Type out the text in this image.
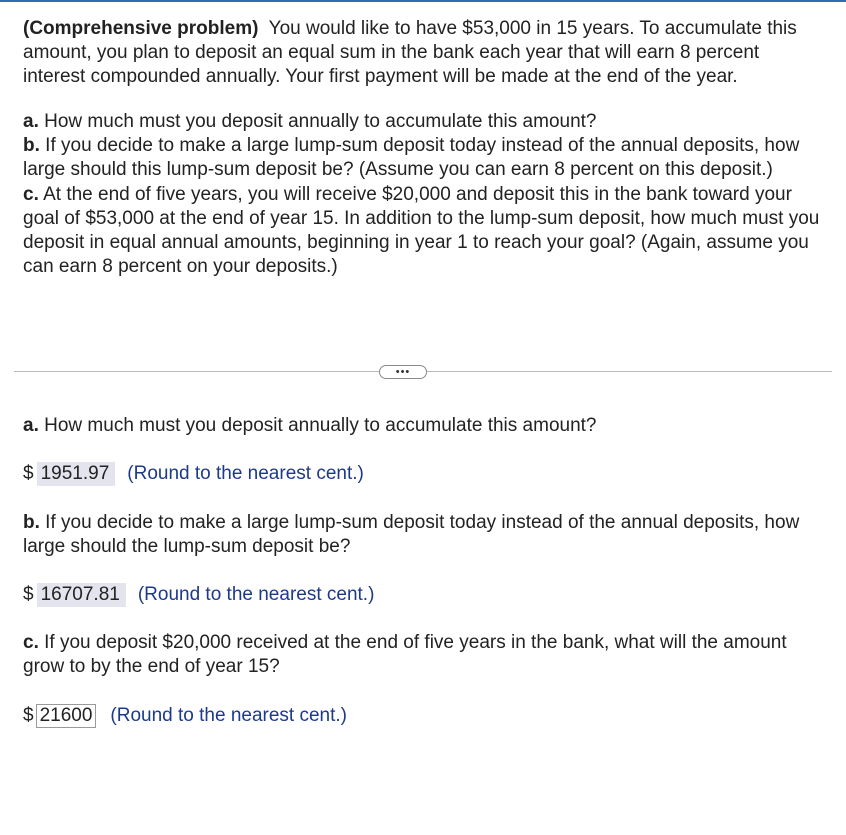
(Comprehensive problem) You would like to have $53,000 in 15 years. To accumulate this amount, you plan to deposit an equal sum in the bank each year that will earn 8 percent interest compounded annually. Your first payment will be made at the end of the year.

a. How much must you deposit annually to accumulate this amount?

b. If you decide to make a large lump-sum deposit today instead of the annual deposits, how large should this lump-sum deposit be? (Assume you can earn 8 percent on this deposit.)

c. At the end of five years, you will receive $20,000 and deposit this in the bank toward your goal of $53,000 at the end of year 15. In addition to the lump-sum deposit, how much must you deposit in equal annual amounts, beginning in year 1 to reach your goal? (Again, assume you can earn 8 percent on your deposits.)

•••
a. How much must you deposit annually to accumulate this amount?
$ 1951.97 (Round to the nearest cent.)
b. If you decide to make a large lump-sum deposit today instead of the annual deposits, how large should the lump-sum deposit be?
$ 16707.81 (Round to the nearest cent.)
c. If you deposit $20,000 received at the end of five years in the bank, what will the amount grow to by the end of year 15?
$ 21600 (Round to the nearest cent.)
